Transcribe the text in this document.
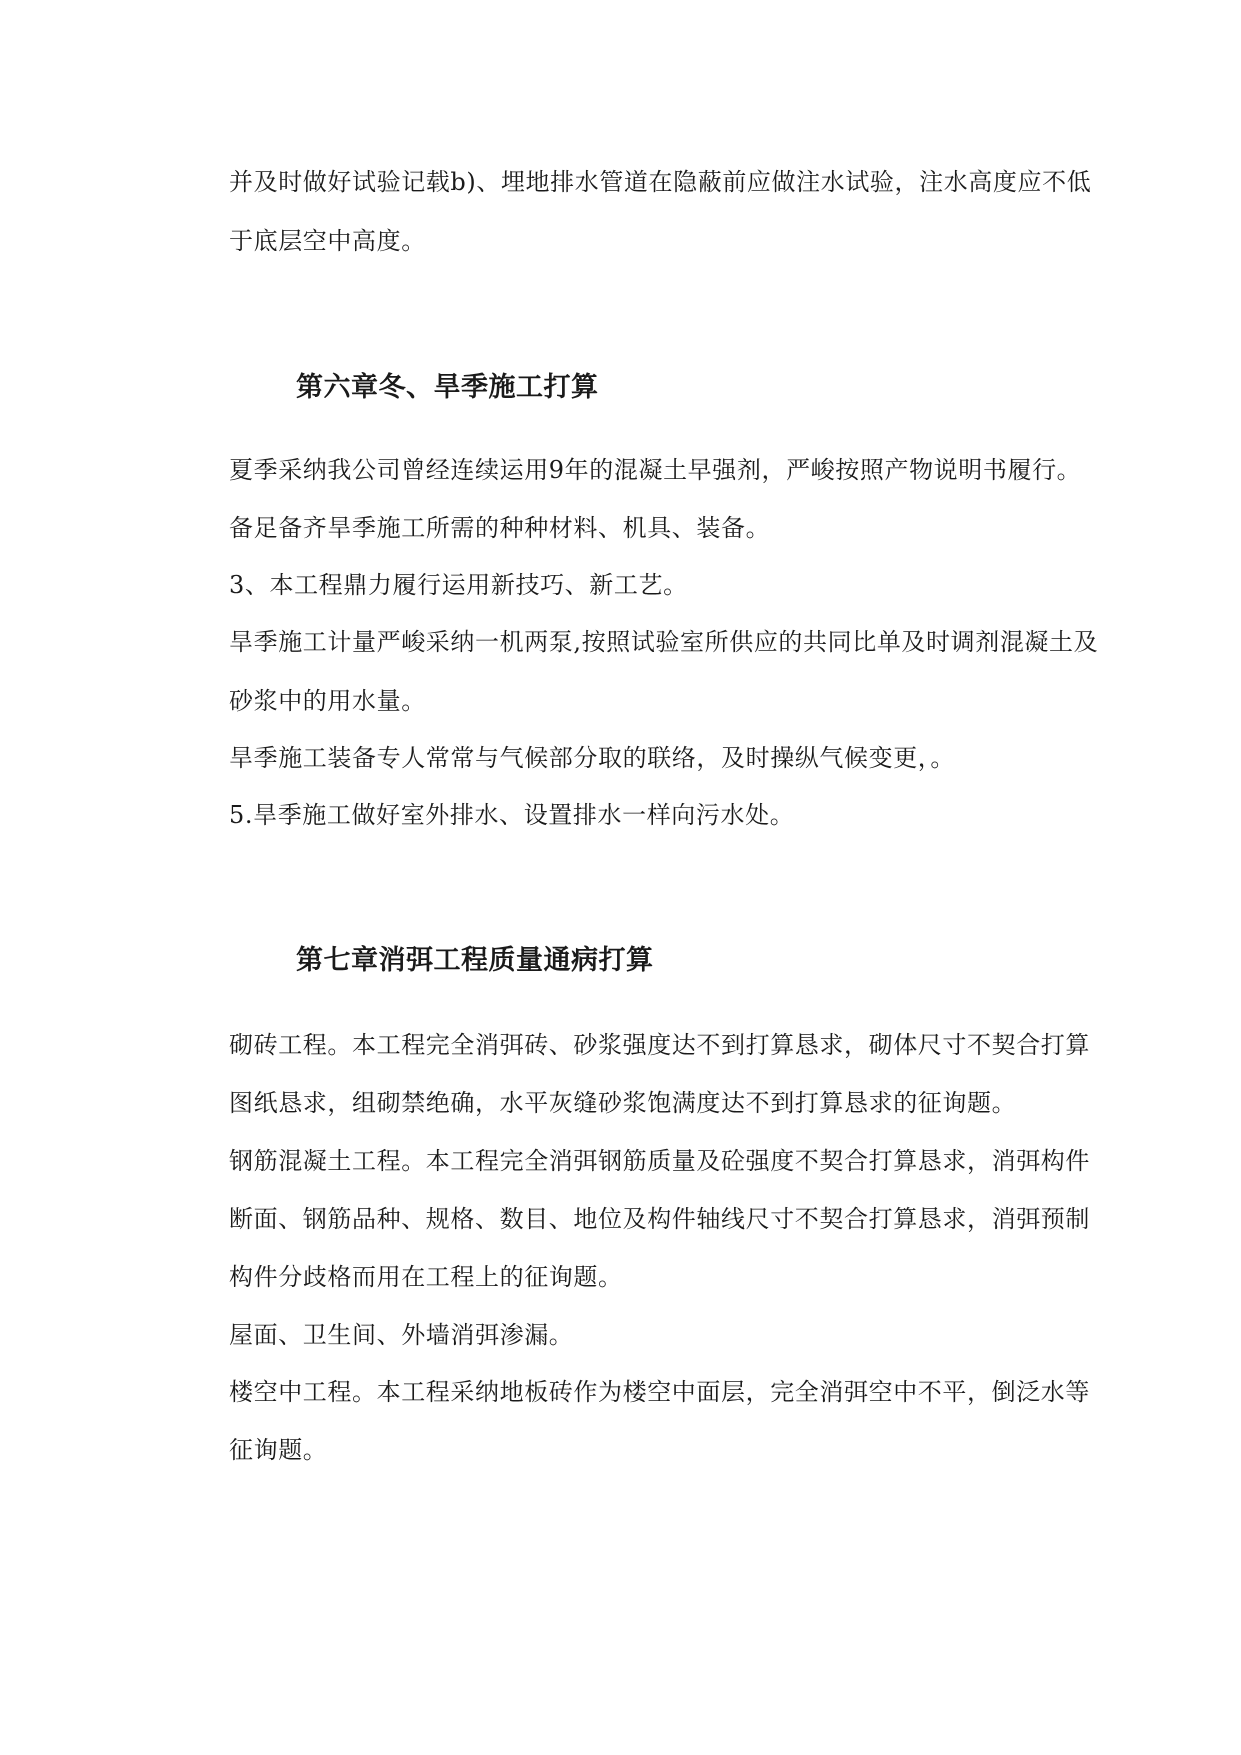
并及时做好试验记载b)、埋地排水管道在隐蔽前应做注水试验，注水高度应不低
于底层空中高度。
第六章冬、旱季施工打算
夏季采纳我公司曾经连续运用9年的混凝土早强剂，严峻按照产物说明书履行。
备足备齐旱季施工所需的种种材料、机具、装备。
3、本工程鼎力履行运用新技巧、新工艺。
旱季施工计量严峻采纳一机两泵,按照试验室所供应的共同比单及时调剂混凝土及
砂浆中的用水量。
旱季施工装备专人常常与气候部分取的联络，及时操纵气候变更，。
5.旱季施工做好室外排水、设置排水一样向污水处。
第七章消弭工程质量通病打算
砌砖工程。本工程完全消弭砖、砂浆强度达不到打算恳求，砌体尺寸不契合打算
图纸恳求，组砌禁绝确，水平灰缝砂浆饱满度达不到打算恳求的征询题。
钢筋混凝土工程。本工程完全消弭钢筋质量及砼强度不契合打算恳求，消弭构件
断面、钢筋品种、规格、数目、地位及构件轴线尺寸不契合打算恳求，消弭预制
构件分歧格而用在工程上的征询题。
屋面、卫生间、外墙消弭渗漏。
楼空中工程。本工程采纳地板砖作为楼空中面层，完全消弭空中不平，倒泛水等
征询题。
